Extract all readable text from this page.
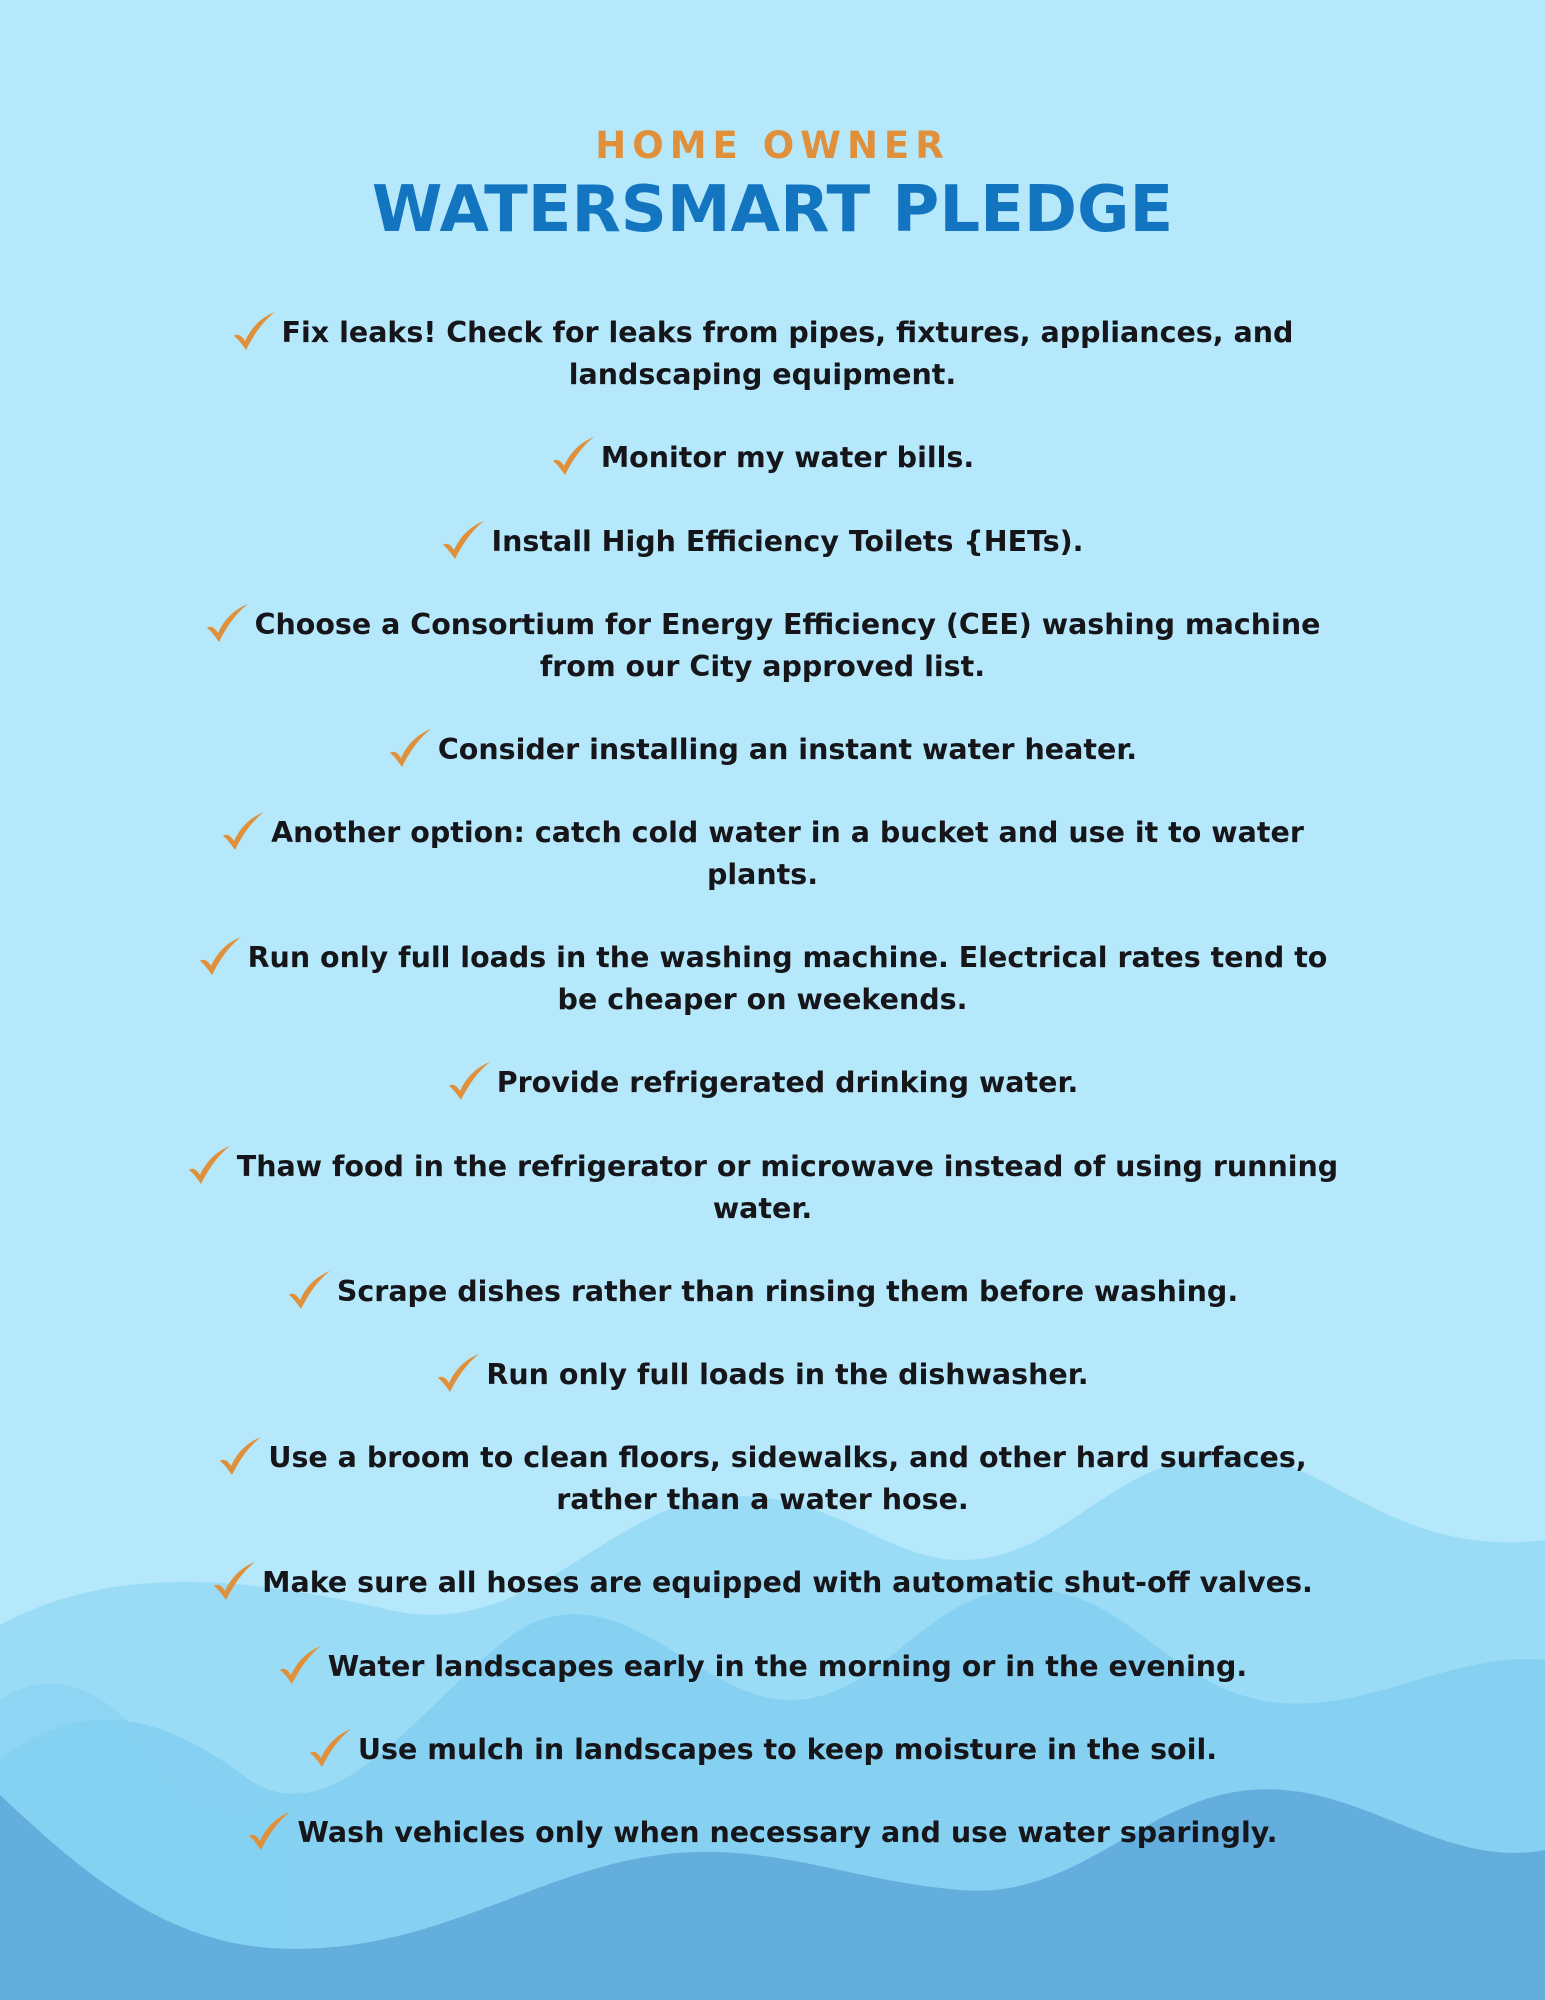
HOME OWNER
WATERSMART PLEDGE
Fix leaks! Check for leaks from pipes, fixtures, appliances, and landscaping equipment.
Monitor my water bills.
Install High Efficiency Toilets {HETs).
Choose a Consortium for Energy Efficiency (CEE) washing machine from our City approved list.
Consider installing an instant water heater.
Another option: catch cold water in a bucket and use it to water plants.
Run only full loads in the washing machine. Electrical rates tend to be cheaper on weekends.
Provide refrigerated drinking water.
Thaw food in the refrigerator or microwave instead of using running water.
Scrape dishes rather than rinsing them before washing.
Run only full loads in the dishwasher.
Use a broom to clean floors, sidewalks, and other hard surfaces, rather than a water hose.
Make sure all hoses are equipped with automatic shut-off valves.
Water landscapes early in the morning or in the evening.
Use mulch in landscapes to keep moisture in the soil.
Wash vehicles only when necessary and use water sparingly.
